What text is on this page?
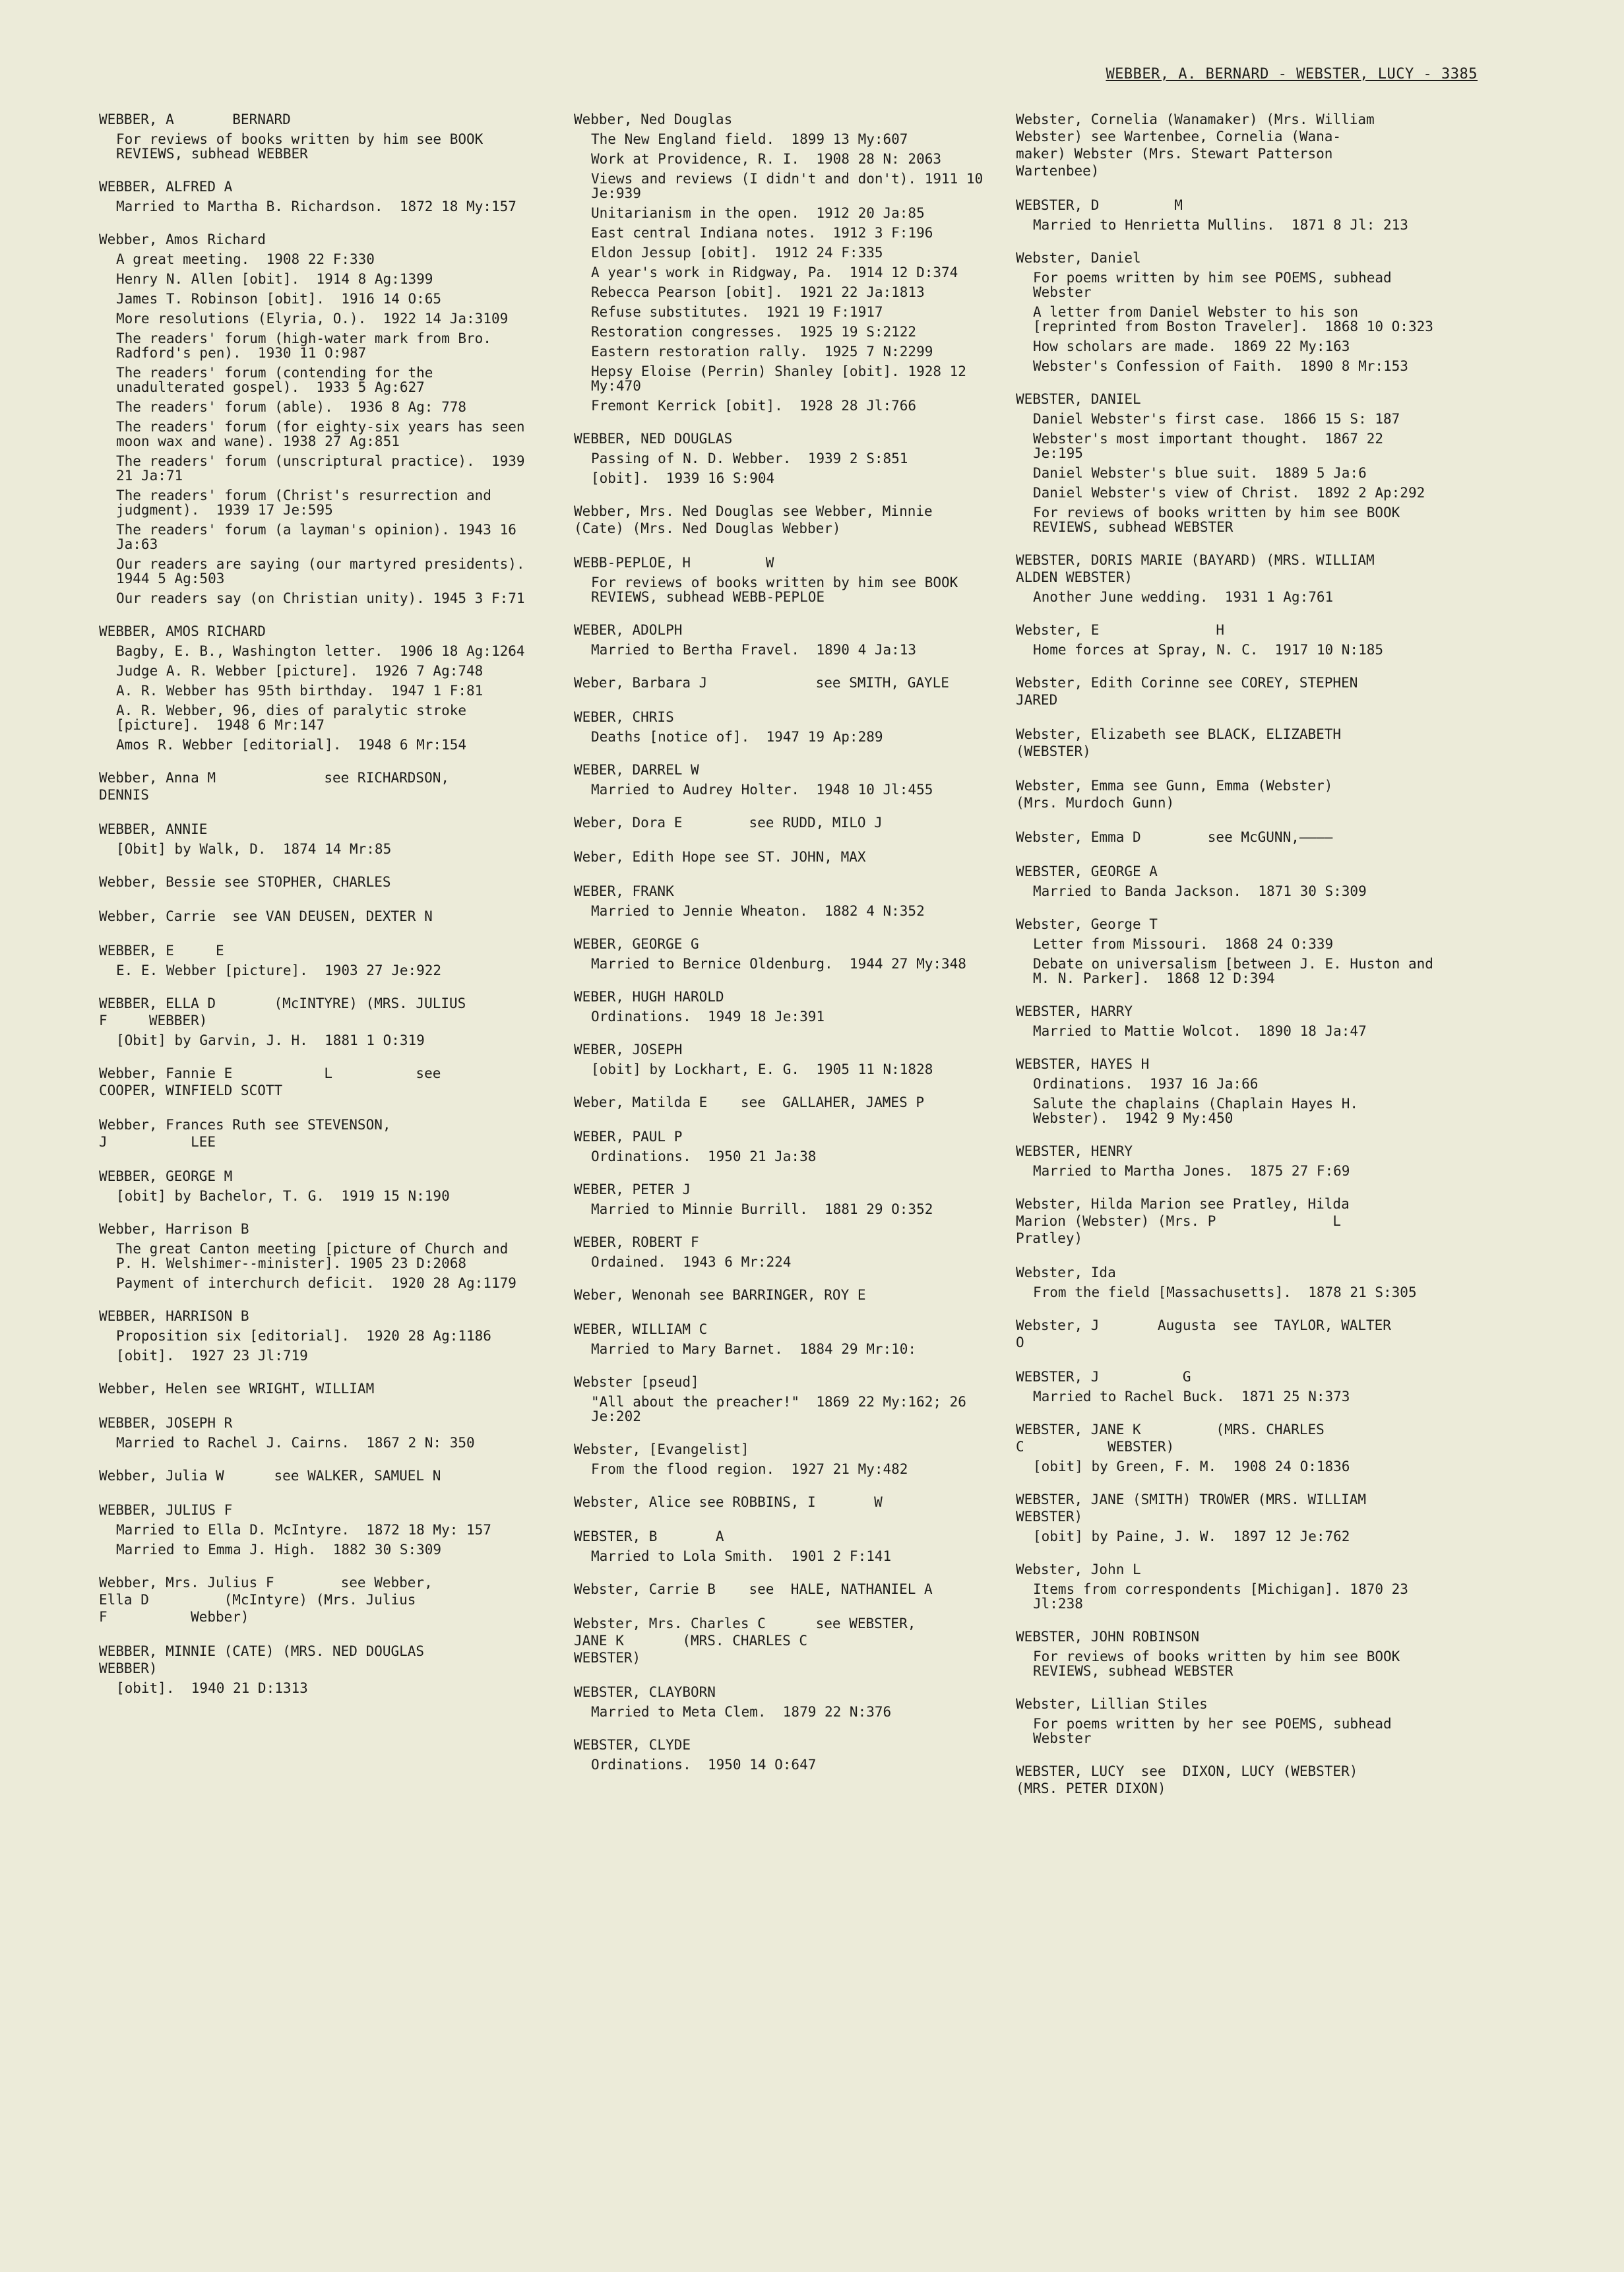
WEBBER, A. BERNARD - WEBSTER, LUCY - 3385
WEBBER, A       BERNARD
For reviews of books written by him see BOOK REVIEWS, subhead WEBBER
WEBBER, ALFRED A
Married to Martha B. Richardson.  1872 18 My:157
Webber, Amos Richard
A great meeting.  1908 22 F:330
Henry N. Allen [obit].  1914 8 Ag:1399
James T. Robinson [obit].  1916 14 O:65
More resolutions (Elyria, O.).  1922 14 Ja:3109
The readers' forum (high-water mark from Bro. Radford's pen).  1930 11 O:987
The readers' forum (contending for the unadulterated gospel).  1933 5 Ag:627
The readers' forum (able).  1936 8 Ag: 778
The readers' forum (for eighty-six years has seen moon wax and wane). 1938 27 Ag:851
The readers' forum (unscriptural practice).  1939 21 Ja:71
The readers' forum (Christ's resurrection and judgment).  1939 17 Je:595
The readers' forum (a layman's opinion). 1943 16 Ja:63
Our readers are saying (our martyred presidents).  1944 5 Ag:503
Our readers say (on Christian unity). 1945 3 F:71
WEBBER, AMOS RICHARD
Bagby, E. B., Washington letter.  1906 18 Ag:1264
Judge A. R. Webber [picture].  1926 7 Ag:748
A. R. Webber has 95th birthday.  1947 1 F:81
A. R. Webber, 96, dies of paralytic stroke [picture].  1948 6 Mr:147
Amos R. Webber [editorial].  1948 6 Mr:154
Webber, Anna M             see RICHARDSON,
DENNIS
WEBBER, ANNIE
[Obit] by Walk, D.  1874 14 Mr:85
Webber, Bessie see STOPHER, CHARLES
Webber, Carrie  see VAN DEUSEN, DEXTER N
WEBBER, E     E
E. E. Webber [picture].  1903 27 Je:922
WEBBER, ELLA D       (McINTYRE) (MRS. JULIUS
F     WEBBER)
[Obit] by Garvin, J. H.  1881 1 O:319
Webber, Fannie E           L          see
COOPER, WINFIELD SCOTT
Webber, Frances Ruth see STEVENSON,
J          LEE
WEBBER, GEORGE M
[obit] by Bachelor, T. G.  1919 15 N:190
Webber, Harrison B
The great Canton meeting [picture of Church and P. H. Welshimer--minister]. 1905 23 D:2068
Payment of interchurch deficit.  1920 28 Ag:1179
WEBBER, HARRISON B
Proposition six [editorial].  1920 28 Ag:1186
[obit].  1927 23 Jl:719
Webber, Helen see WRIGHT, WILLIAM
WEBBER, JOSEPH R
Married to Rachel J. Cairns.  1867 2 N: 350
Webber, Julia W      see WALKER, SAMUEL N
WEBBER, JULIUS F
Married to Ella D. McIntyre.  1872 18 My: 157
Married to Emma J. High.  1882 30 S:309
Webber, Mrs. Julius F        see Webber,
Ella D         (McIntyre) (Mrs. Julius
F          Webber)
WEBBER, MINNIE (CATE) (MRS. NED DOUGLAS
WEBBER)
[obit].  1940 21 D:1313
Webber, Ned Douglas
The New England field.  1899 13 My:607
Work at Providence, R. I.  1908 28 N: 2063
Views and reviews (I didn't and don't). 1911 10 Je:939
Unitarianism in the open.  1912 20 Ja:85
East central Indiana notes.  1912 3 F:196
Eldon Jessup [obit].  1912 24 F:335
A year's work in Ridgway, Pa.  1914 12 D:374
Rebecca Pearson [obit].  1921 22 Ja:1813
Refuse substitutes.  1921 19 F:1917
Restoration congresses.  1925 19 S:2122
Eastern restoration rally.  1925 7 N:2299
Hepsy Eloise (Perrin) Shanley [obit]. 1928 12 My:470
Fremont Kerrick [obit].  1928 28 Jl:766
WEBBER, NED DOUGLAS
Passing of N. D. Webber.  1939 2 S:851
[obit].  1939 16 S:904
Webber, Mrs. Ned Douglas see Webber, Minnie
(Cate) (Mrs. Ned Douglas Webber)
WEBB-PEPLOE, H         W
For reviews of books written by him see BOOK REVIEWS, subhead WEBB-PEPLOE
WEBER, ADOLPH
Married to Bertha Fravel.  1890 4 Ja:13
Weber, Barbara J             see SMITH, GAYLE
WEBER, CHRIS
Deaths [notice of].  1947 19 Ap:289
WEBER, DARREL W
Married to Audrey Holter.  1948 10 Jl:455
Weber, Dora E        see RUDD, MILO J
Weber, Edith Hope see ST. JOHN, MAX
WEBER, FRANK
Married to Jennie Wheaton.  1882 4 N:352
WEBER, GEORGE G
Married to Bernice Oldenburg.  1944 27 My:348
WEBER, HUGH HAROLD
Ordinations.  1949 18 Je:391
WEBER, JOSEPH
[obit] by Lockhart, E. G.  1905 11 N:1828
Weber, Matilda E    see  GALLAHER, JAMES P
WEBER, PAUL P
Ordinations.  1950 21 Ja:38
WEBER, PETER J
Married to Minnie Burrill.  1881 29 O:352
WEBER, ROBERT F
Ordained.  1943 6 Mr:224
Weber, Wenonah see BARRINGER, ROY E
WEBER, WILLIAM C
Married to Mary Barnet.  1884 29 Mr:10:
Webster [pseud]
"All about the preacher!"  1869 22 My:162; 26 Je:202
Webster, [Evangelist]
From the flood region.  1927 21 My:482
Webster, Alice see ROBBINS, I       W
WEBSTER, B       A
Married to Lola Smith.  1901 2 F:141
Webster, Carrie B    see  HALE, NATHANIEL A
Webster, Mrs. Charles C      see WEBSTER,
JANE K       (MRS. CHARLES C
WEBSTER)
WEBSTER, CLAYBORN
Married to Meta Clem.  1879 22 N:376
WEBSTER, CLYDE
Ordinations.  1950 14 O:647
Webster, Cornelia (Wanamaker) (Mrs. William
Webster) see Wartenbee, Cornelia (Wana-
maker) Webster (Mrs. Stewart Patterson
Wartenbee)
WEBSTER, D         M
Married to Henrietta Mullins.  1871 8 Jl: 213
Webster, Daniel
For poems written by him see POEMS, subhead Webster
A letter from Daniel Webster to his son [reprinted from Boston Traveler].  1868 10 O:323
How scholars are made.  1869 22 My:163
Webster's Confession of Faith.  1890 8 Mr:153
WEBSTER, DANIEL
Daniel Webster's first case.  1866 15 S: 187
Webster's most important thought.  1867 22 Je:195
Daniel Webster's blue suit.  1889 5 Ja:6
Daniel Webster's view of Christ.  1892 2 Ap:292
For reviews of books written by him see BOOK REVIEWS, subhead WEBSTER
WEBSTER, DORIS MARIE (BAYARD) (MRS. WILLIAM
ALDEN WEBSTER)
Another June wedding.  1931 1 Ag:761
Webster, E              H
Home forces at Spray, N. C.  1917 10 N:185
Webster, Edith Corinne see COREY, STEPHEN
JARED
Webster, Elizabeth see BLACK, ELIZABETH
(WEBSTER)
Webster, Emma see Gunn, Emma (Webster)
(Mrs. Murdoch Gunn)
Webster, Emma D        see McGUNN,————
WEBSTER, GEORGE A
Married to Banda Jackson.  1871 30 S:309
Webster, George T
Letter from Missouri.  1868 24 O:339
Debate on universalism [between J. E. Huston and M. N. Parker].  1868 12 D:394
WEBSTER, HARRY
Married to Mattie Wolcot.  1890 18 Ja:47
WEBSTER, HAYES H
Ordinations.  1937 16 Ja:66
Salute the chaplains (Chaplain Hayes H. Webster).  1942 9 My:450
WEBSTER, HENRY
Married to Martha Jones.  1875 27 F:69
Webster, Hilda Marion see Pratley, Hilda
Marion (Webster) (Mrs. P              L
Pratley)
Webster, Ida
From the field [Massachusetts].  1878 21 S:305
Webster, J       Augusta  see  TAYLOR, WALTER
O
WEBSTER, J          G
Married to Rachel Buck.  1871 25 N:373
WEBSTER, JANE K         (MRS. CHARLES
C          WEBSTER)
[obit] by Green, F. M.  1908 24 O:1836
WEBSTER, JANE (SMITH) TROWER (MRS. WILLIAM
WEBSTER)
[obit] by Paine, J. W.  1897 12 Je:762
Webster, John L
Items from correspondents [Michigan]. 1870 23 Jl:238
WEBSTER, JOHN ROBINSON
For reviews of books written by him see BOOK REVIEWS, subhead WEBSTER
Webster, Lillian Stiles
For poems written by her see POEMS, subhead Webster
WEBSTER, LUCY  see  DIXON, LUCY (WEBSTER)
(MRS. PETER DIXON)
